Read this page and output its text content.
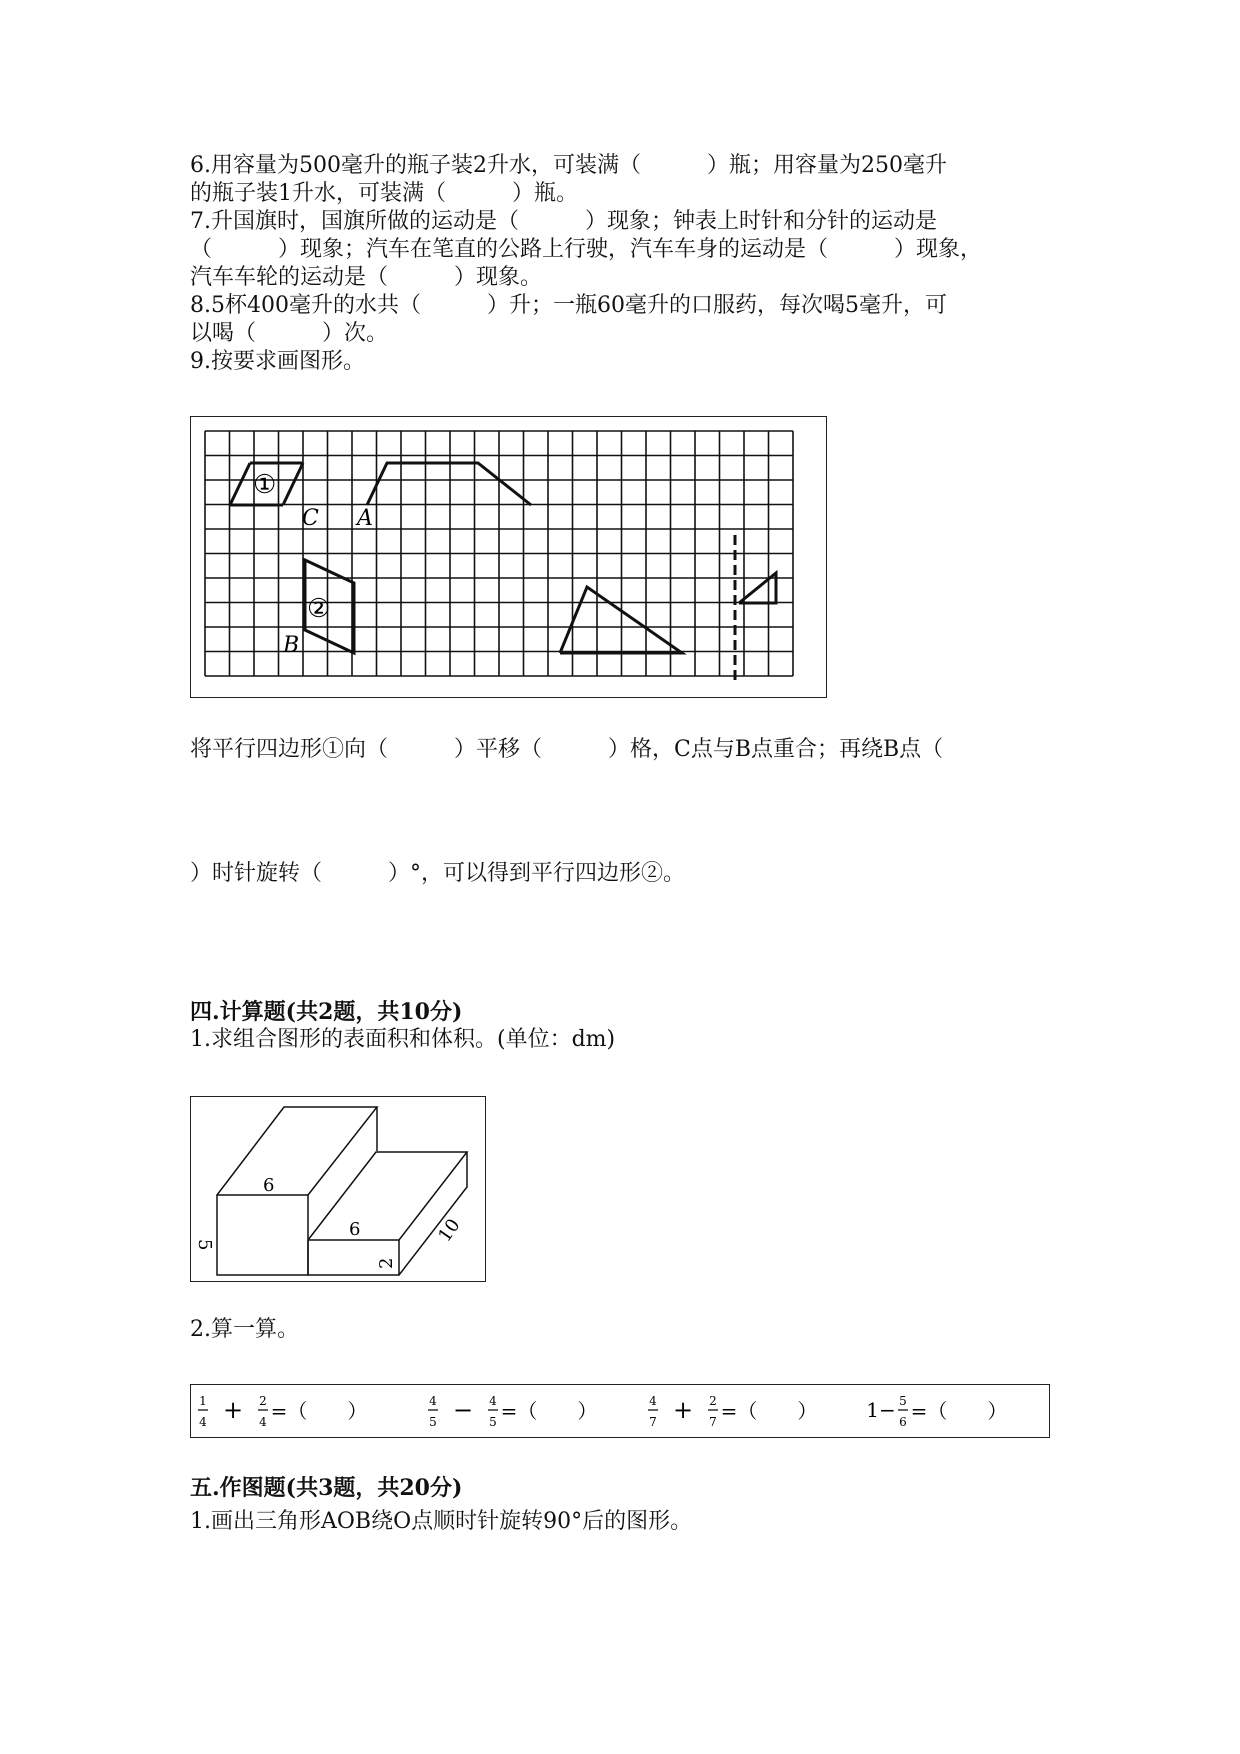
6.用容量为500毫升的瓶子装2升水，可装满（　　　）瓶；用容量为250毫升
的瓶子装1升水，可装满（　　　）瓶。
7.升国旗时，国旗所做的运动是（　　　）现象；钟表上时针和分针的运动是
（　　　）现象；汽车在笔直的公路上行驶，汽车车身的运动是（　　　）现象，
汽车车轮的运动是（　　　）现象。
8.5杯400毫升的水共（　　　）升；一瓶60毫升的口服药，每次喝5毫升，可
以喝（　　　）次。
9.按要求画图形。
①
②
C A
B
将平行四边形①向（　　　）平移（　　　）格，C点与B点重合；再绕B点（
）时针旋转（　　　）°，可以得到平行四边形②。
四.计算题(共2题，共10分)
1.求组合图形的表面积和体积。(单位：dm)
6
5
6
2
10
2.算一算。
1
4 + 2
4 =（　　）	4
5 − 4
5 =（　　）	4
7 + 2
7 =（　　） 1− 5
6 =（　　）
五.作图题(共3题，共20分)
1.画出三角形AOB绕O点顺时针旋转90°后的图形。
